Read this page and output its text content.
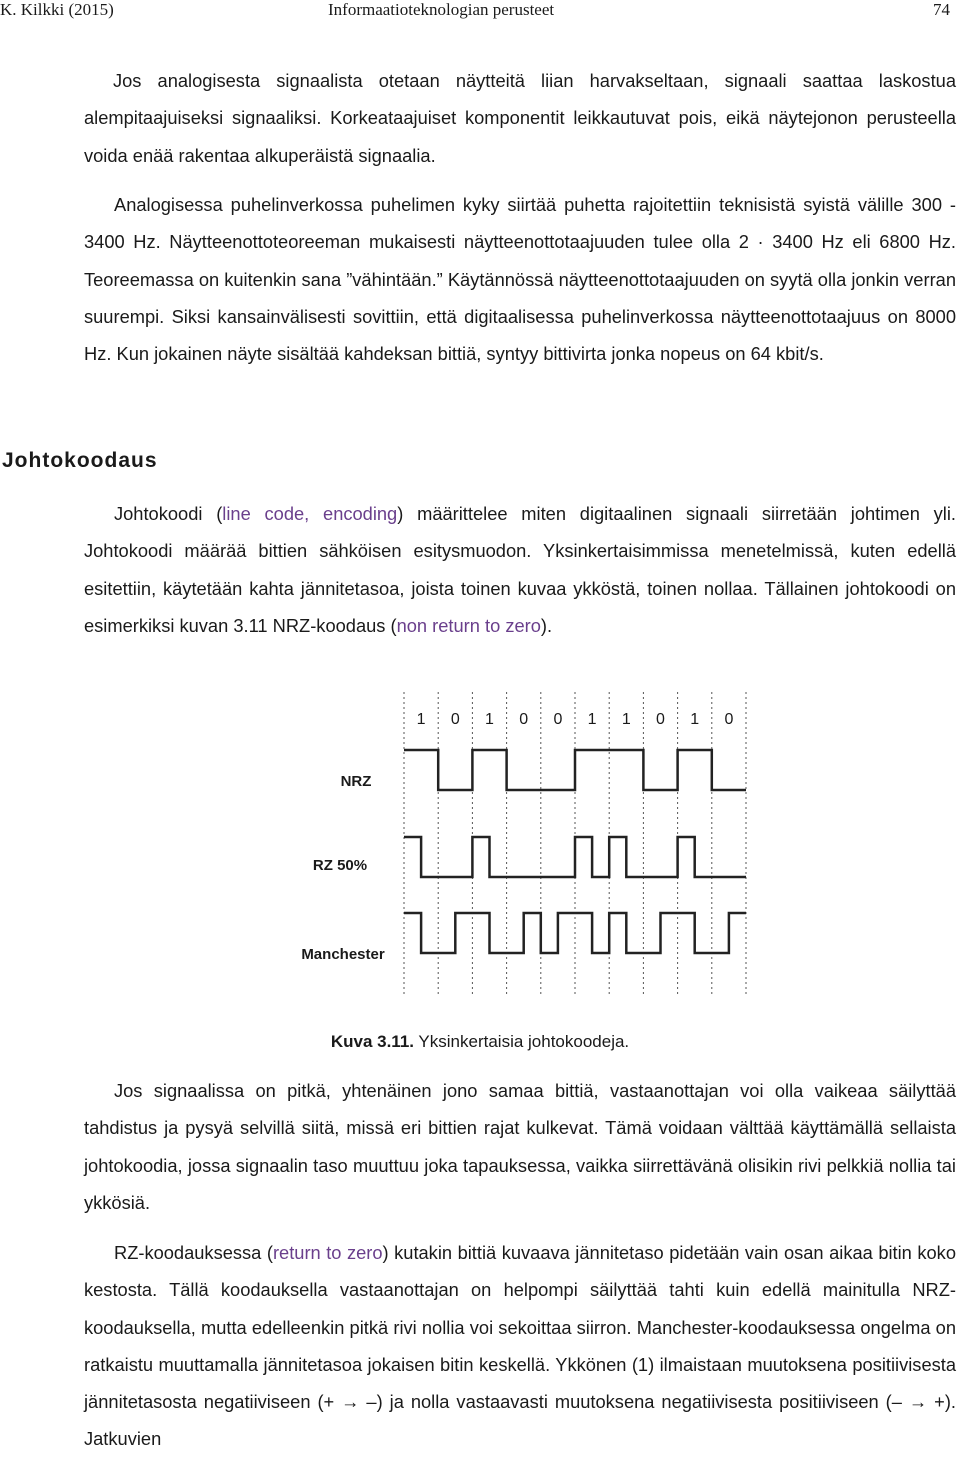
K. Kilkki (2015)	Informaatioteknologian perusteet	74

Jos analogisesta signaalista otetaan näytteitä liian harvakseltaan, signaali saattaa laskostua alempitaajuiseksi signaaliksi. Korkeataajuiset komponentit leikkautuvat pois, eikä näytejonon perusteella voida enää rakentaa alkuperäistä signaalia.

Analogisessa puhelinverkossa puhelimen kyky siirtää puhetta rajoitettiin teknisistä syistä välille 300 - 3400 Hz. Näytteenottoteoreeman mukaisesti näytteenottotaajuuden tulee olla 2 · 3400 Hz eli 6800 Hz. Teoreemassa on kuitenkin sana ”vähintään.” Käytännössä näytteenottotaajuuden on syytä olla jonkin verran suurempi. Siksi kansainvälisesti sovittiin, että digitaalisessa puhelinverkossa näytteenottotaajuus on 8000 Hz. Kun jokainen näyte sisältää kahdeksan bittiä, syntyy bittivirta jonka nopeus on 64 kbit/s.

Johtokoodaus

Johtokoodi (line code, encoding) määrittelee miten digitaalinen signaali siirretään johtimen yli. Johtokoodi määrää bittien sähköisen esitysmuodon. Yksinkertaisimmissa menetelmissä, kuten edellä esitettiin, käytetään kahta jännitetasoa, joista toinen kuvaa ykköstä, toinen nollaa. Tällainen johtokoodi on esimerkiksi kuvan 3.11 NRZ-koodaus (non return to zero).

1 0 1 0 0 1 1 0 1 0
NRZ
RZ 50%
Manchester
Kuva 3.11. Yksinkertaisia johtokoodeja.

Jos signaalissa on pitkä, yhtenäinen jono samaa bittiä, vastaanottajan voi olla vaikeaa säilyttää tahdistus ja pysyä selvillä siitä, missä eri bittien rajat kulkevat. Tämä voidaan välttää käyttämällä sellaista johtokoodia, jossa signaalin taso muuttuu joka tapauksessa, vaikka siirrettävänä olisikin rivi pelkkiä nollia tai ykkösiä.

RZ-koodauksessa (return to zero) kutakin bittiä kuvaava jännitetaso pidetään vain osan aikaa bitin koko kestosta. Tällä koodauksella vastaanottajan on helpompi säilyttää tahti kuin edellä mainitulla NRZ-koodauksella, mutta edelleenkin pitkä rivi nollia voi sekoittaa siirron. Manchester-koodauksessa ongelma on ratkaistu muuttamalla jännitetasoa jokaisen bitin keskellä. Ykkönen (1) ilmaistaan muutoksena positiivisesta jännitetasosta negatiiviseen (+ → –) ja nolla vastaavasti muutoksena negatiivisesta positiiviseen (– → +). Jatkuvien
